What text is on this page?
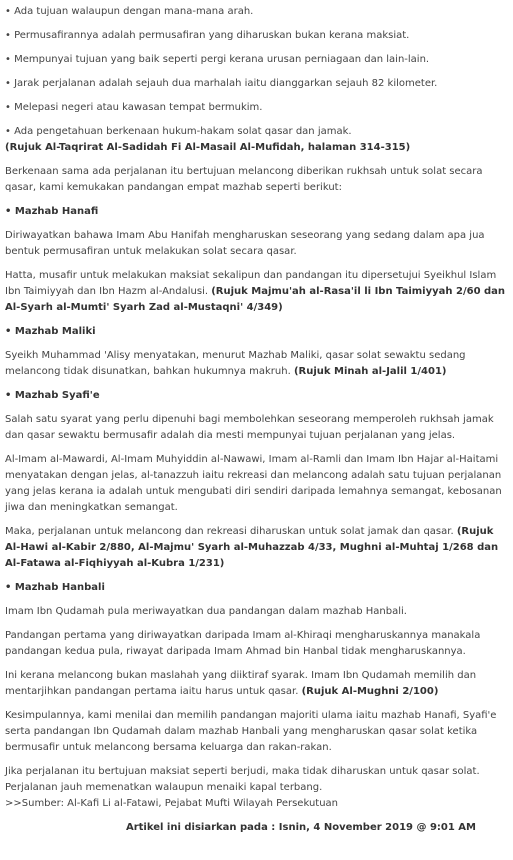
• Ada tujuan walaupun dengan mana-mana arah.

• Permusafirannya adalah permusafiran yang diharuskan bukan kerana maksiat.

• Mempunyai tujuan yang baik seperti pergi kerana urusan perniagaan dan lain-lain.

• Jarak perjalanan adalah sejauh dua marhalah iaitu dianggarkan sejauh 82 kilometer.

• Melepasi negeri atau kawasan tempat bermukim.

• Ada pengetahuan berkenaan hukum-hakam solat qasar dan jamak.

(Rujuk Al-Taqrirat Al-Sadidah Fi Al-Masail Al-Mufidah, halaman 314-315)

Berkenaan sama ada perjalanan itu bertujuan melancong diberikan rukhsah untuk solat secara qasar, kami kemukakan pandangan empat mazhab seperti berikut:

• Mazhab Hanafi

Diriwayatkan bahawa Imam Abu Hanifah mengharuskan seseorang yang sedang dalam apa jua bentuk permusafiran untuk melakukan solat secara qasar.

Hatta, musafir untuk melakukan maksiat sekalipun dan pandangan itu dipersetujui Syeikhul Islam Ibn Taimiyyah dan Ibn Hazm al-Andalusi. (Rujuk Majmu'ah al-Rasa'il li Ibn Taimiyyah 2/60 dan Al-Syarh al-Mumti' Syarh Zad al-Mustaqni' 4/349)

• Mazhab Maliki

Syeikh Muhammad 'Alisy menyatakan, menurut Mazhab Maliki, qasar solat sewaktu sedang melancong tidak disunatkan, bahkan hukumnya makruh. (Rujuk Minah al-Jalil 1/401)

• Mazhab Syafi'e

Salah satu syarat yang perlu dipenuhi bagi membolehkan seseorang memperoleh rukhsah jamak dan qasar sewaktu bermusafir adalah dia mesti mempunyai tujuan perjalanan yang jelas.

Al-Imam al-Mawardi, Al-Imam Muhyiddin al-Nawawi, Imam al-Ramli dan Imam Ibn Hajar al-Haitami menyatakan dengan jelas, al-tanazzuh iaitu rekreasi dan melancong adalah satu tujuan perjalanan yang jelas kerana ia adalah untuk mengubati diri sendiri daripada lemahnya semangat, kebosanan jiwa dan meningkatkan semangat.

Maka, perjalanan untuk melancong dan rekreasi diharuskan untuk solat jamak dan qasar. (Rujuk Al-Hawi al-Kabir 2/880, Al-Majmu' Syarh al-Muhazzab 4/33, Mughni al-Muhtaj 1/268 dan Al-Fatawa al-Fiqhiyyah al-Kubra 1/231)

• Mazhab Hanbali

Imam Ibn Qudamah pula meriwayatkan dua pandangan dalam mazhab Hanbali.

Pandangan pertama yang diriwayatkan daripada Imam al-Khiraqi mengharuskannya manakala pandangan kedua pula, riwayat daripada Imam Ahmad bin Hanbal tidak mengharuskannya.

Ini kerana melancong bukan maslahah yang diiktiraf syarak. Imam Ibn Qudamah memilih dan mentarjihkan pandangan pertama iaitu harus untuk qasar. (Rujuk Al-Mughni 2/100)

Kesimpulannya, kami menilai dan memilih pandangan majoriti ulama iaitu mazhab Hanafi, Syafi'e serta pandangan Ibn Qudamah dalam mazhab Hanbali yang mengharuskan qasar solat ketika bermusafir untuk melancong bersama keluarga dan rakan-rakan.

Jika perjalanan itu bertujuan maksiat seperti berjudi, maka tidak diharuskan untuk qasar solat. Perjalanan jauh memenatkan walaupun menaiki kapal terbang.

>>Sumber: Al-Kafi Li al-Fatawi, Pejabat Mufti Wilayah Persekutuan

Artikel ini disiarkan pada : Isnin, 4 November 2019 @ 9:01 AM
